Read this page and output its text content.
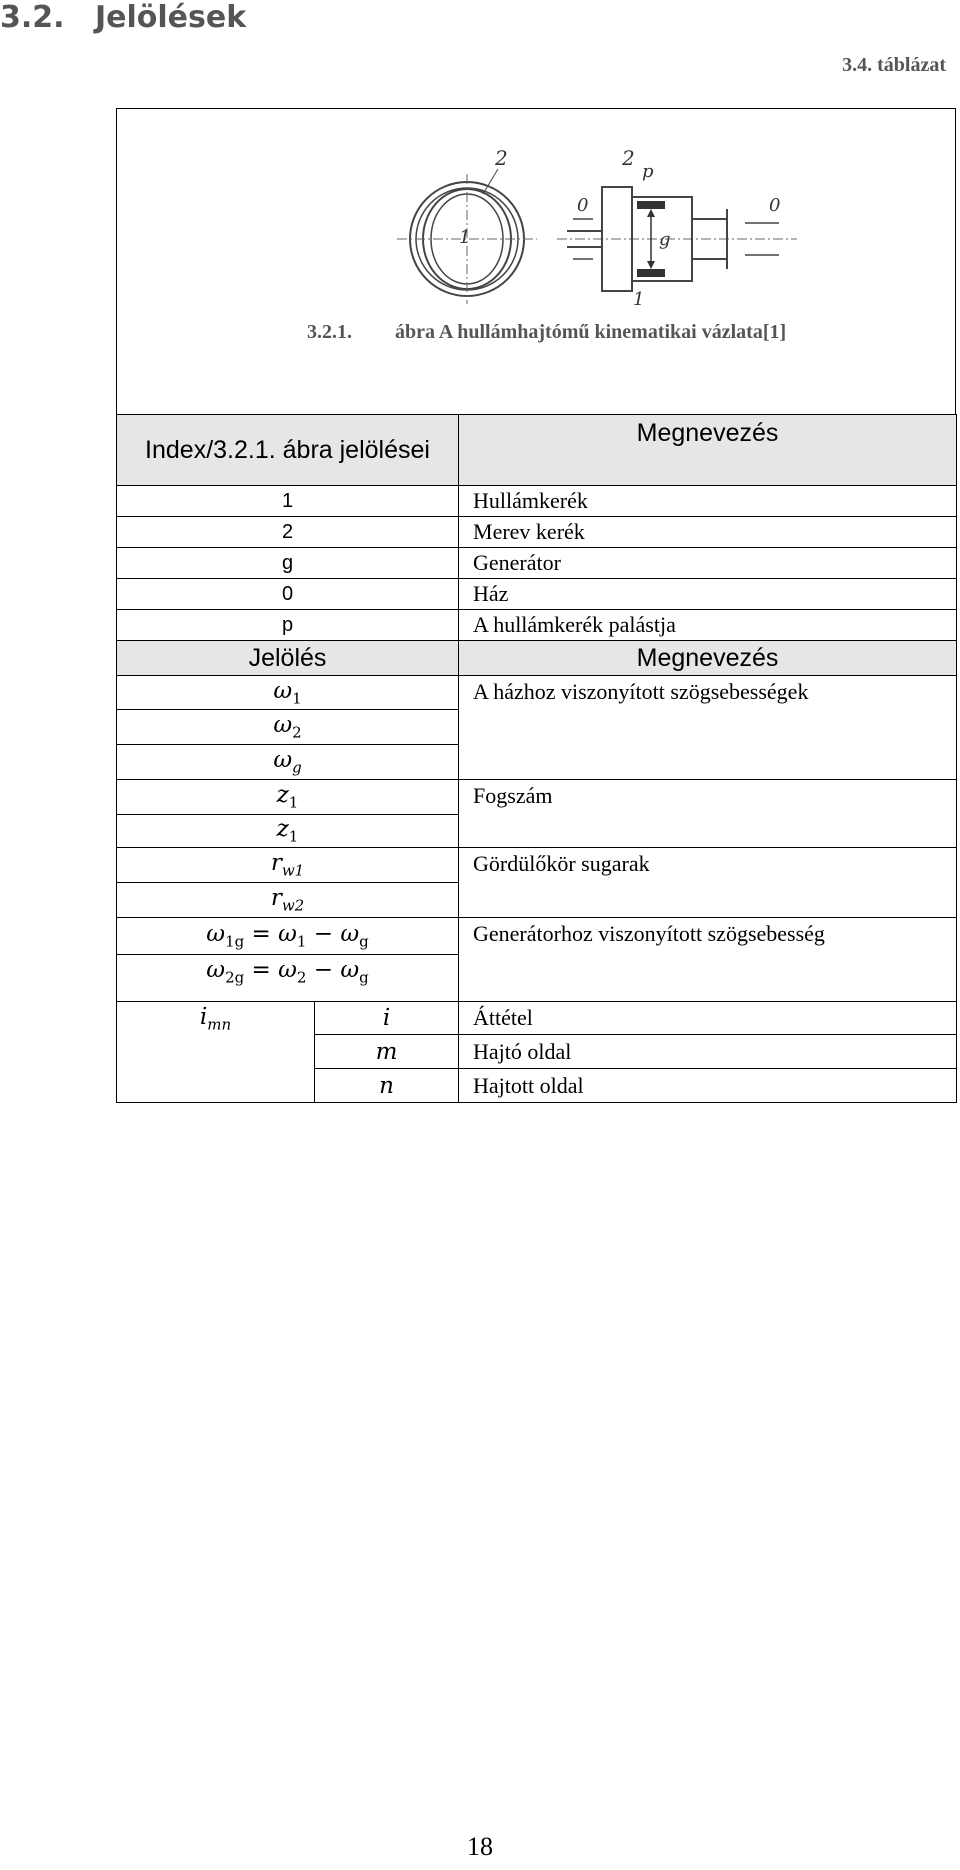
3.2. Jelölések
3.4. táblázat
2
1
2
p
0	0
g
1
3.2.1. ábra A hullámhajtómű kinematikai vázlata[1]
Index/3.2.1. ábra jelölései		Megnevezés
1		Hullámkerék
2		Merev kerék
g		Generátor
0		Ház
p		A hullámkerék palástja
Jelölés		Megnevezés
$\omega_1$		A házhoz viszonyított szögsebességek
$\omega_2$
$\omega_g$
$z_1$		Fogszám
$z_1$
$r_{w1}$		Gördülőkör sugarak
$r_{w2}$
$\omega_{1g} = \omega_1 - \omega_g$		Generátorhoz viszonyított szögsebesség
$\omega_{2g} = \omega_2 - \omega_g$
$i_{mn}$	i	Áttétel
	m	Hajtó oldal
	n	Hajtott oldal
18
